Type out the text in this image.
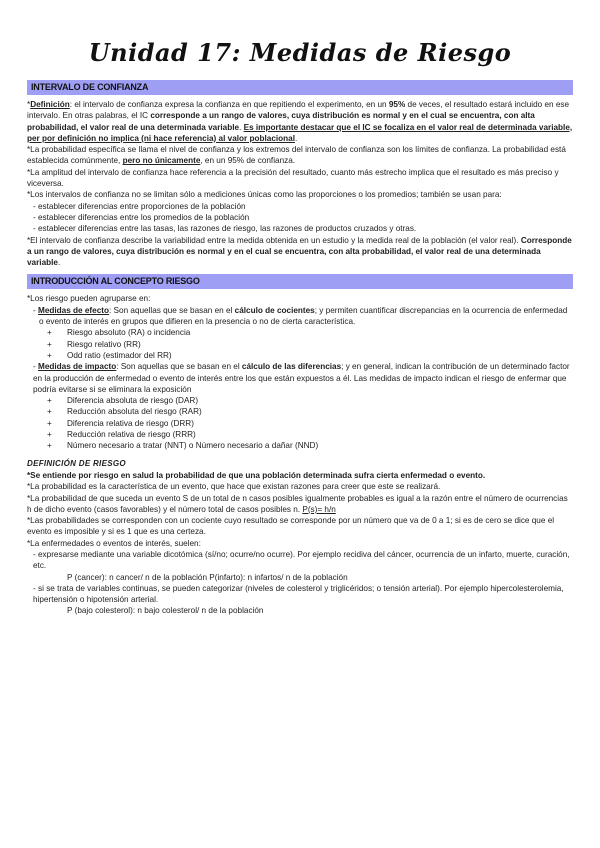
Unidad 17: Medidas de Riesgo
INTERVALO DE CONFIANZA

*Definición: el intervalo de confianza expresa la confianza en que repitiendo el experimento, en un 95% de veces, el resultado estará incluido en ese intervalo. En otras palabras, el IC corresponde a un rango de valores, cuya distribución es normal y en el cual se encuentra, con alta probabilidad, el valor real de una determinada variable. Es importante destacar que el IC se focaliza en el valor real de determinada variable, per por definición no implica (ni hace referencia) al valor poblacional.

*La probabilidad específica se llama el nivel de confianza y los extremos del intervalo de confianza son los límites de confianza. La probabilidad está establecida comúnmente, pero no únicamente, en un 95% de confianza.

*La amplitud del intervalo de confianza hace referencia a la precisión del resultado, cuanto más estrecho implica que el resultado es más preciso y viceversa.

*Los intervalos de confianza no se limitan sólo a mediciones únicas como las proporciones o los promedios; también se usan para:

- establecer diferencias entre proporciones de la población

- establecer diferencias entre los promedios de la población

- establecer diferencias entre las tasas, las razones de riesgo, las razones de productos cruzados y otras.

*El intervalo de confianza describe la variabilidad entre la medida obtenida en un estudio y la medida real de la población (el valor real). Corresponde a un rango de valores, cuya distribución es normal y en el cual se encuentra, con alta probabilidad, el valor real de una determinada variable.

INTRODUCCIÓN AL CONCEPTO RIESGO

*Los riesgo pueden agruparse en:

- Medidas de efecto: Son aquellas que se basan en el cálculo de cocientes; y permiten cuantificar discrepancias en la ocurrencia de enfermedad o evento de interés en grupos que difieren en la presencia o no de cierta característica.

+	Riesgo absoluto (RA) o incidencia
+	Riesgo relativo (RR)
+	Odd ratio (estimador del RR)

- Medidas de impacto: Son aquellas que se basan en el cálculo de las diferencias; y en general, indican la contribución de un determinado factor en la producción de enfermedad o evento de interés entre los que están expuestos a él. Las medidas de impacto indican el riesgo de enfermar que podría evitarse si se eliminara la exposición

+	Diferencia absoluta de riesgo (DAR)
+	Reducción absoluta del riesgo (RAR)
+	Diferencia relativa de riesgo (DRR)
+	Reducción relativa de riesgo (RRR)
+	Número necesario a tratar (NNT) o Número necesario a dañar (NND)
DEFINICIÓN DE RIESGO

*Se entiende por riesgo en salud la probabilidad de que una población determinada sufra cierta enfermedad o evento.

*La probabilidad es la característica de un evento, que hace que existan razones para creer que este se realizará.

*La probabilidad de que suceda un evento S de un total de n casos posibles igualmente probables es igual a la razón entre el número de ocurrencias h de dicho evento (casos favorables) y el número total de casos posibles n. P(s)= h/n

*Las probabilidades se corresponden con un cociente cuyo resultado se corresponde por un número que va de 0 a 1; si es de cero se dice que el evento es imposible y si es 1 que es una certeza.

*La enfermedades o eventos de interés, suelen:

- expresarse mediante una variable dicotómica (sí/no; ocurre/no ocurre). Por ejemplo recidiva del cáncer, ocurrencia de un infarto, muerte, curación, etc.

P (cancer): n cancer/ n de la población P(infarto): n infartos/ n de la población

- si se trata de variables continuas, se pueden categorizar (niveles de colesterol y triglicéridos; o tensión arterial). Por ejemplo hipercolesterolemia, hipertensión o hipotensión arterial.

P (bajo colesterol): n bajo colesterol/ n de la población
